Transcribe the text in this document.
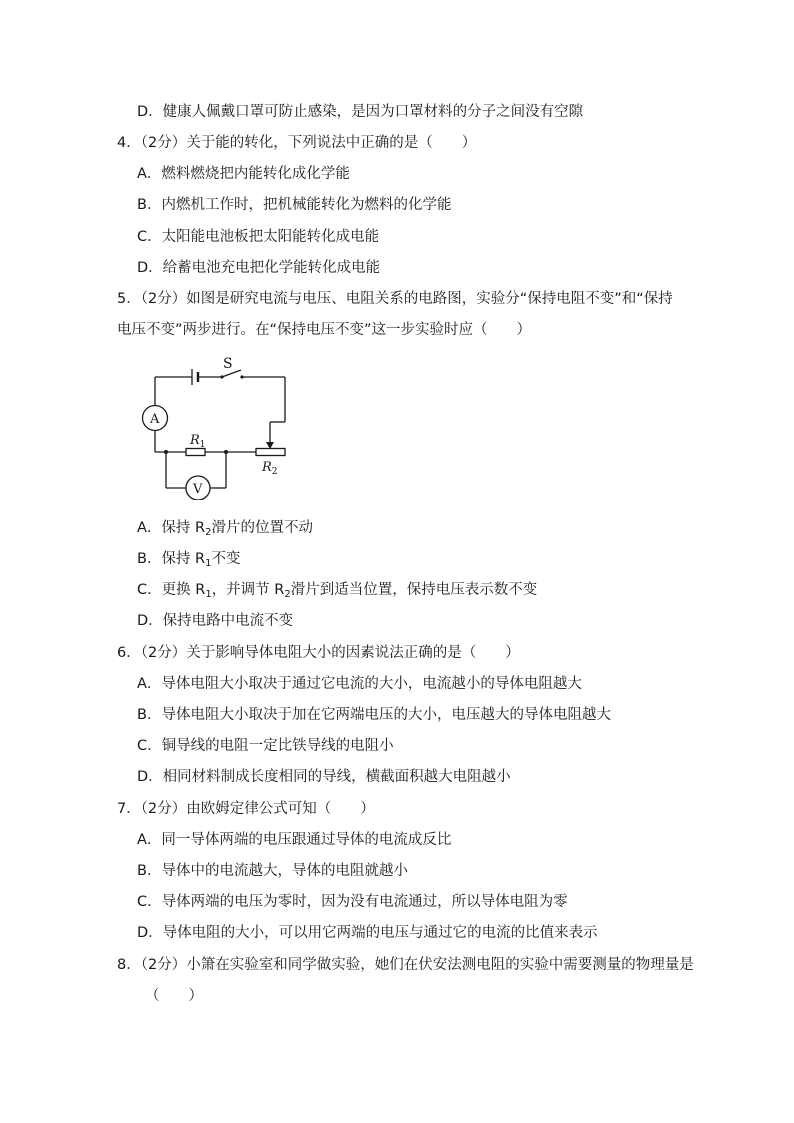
D．健康人佩戴口罩可防止感染，是因为口罩材料的分子之间没有空隙
4．（2分）关于能的转化，下列说法中正确的是（　　）
A．燃料燃烧把内能转化成化学能
B．内燃机工作时，把机械能转化为燃料的化学能
C．太阳能电池板把太阳能转化成电能
D．给蓄电池充电把化学能转化成电能
5．（2分）如图是研究电流与电压、电阻关系的电路图，实验分“保持电阻不变”和“保持
电压不变”两步进行。在“保持电压不变”这一步实验时应（　　）
S
A
V
$R_1$
$R_2$
A．保持 $R_2$滑片的位置不动
B．保持 $R_1$不变
C．更换 $R_1$，并调节 $R_2$滑片到适当位置，保持电压表示数不变
D．保持电路中电流不变
6．（2分）关于影响导体电阻大小的因素说法正确的是（　　）
A．导体电阻大小取决于通过它电流的大小，电流越小的导体电阻越大
B．导体电阻大小取决于加在它两端电压的大小，电压越大的导体电阻越大
C．铜导线的电阻一定比铁导线的电阻小
D．相同材料制成长度相同的导线，横截面积越大电阻越小
7．（2分）由欧姆定律公式可知（　　）
A．同一导体两端的电压跟通过导体的电流成反比
B．导体中的电流越大，导体的电阻就越小
C．导体两端的电压为零时，因为没有电流通过，所以导体电阻为零
D．导体电阻的大小，可以用它两端的电压与通过它的电流的比值来表示
8．（2分）小箫在实验室和同学做实验，她们在伏安法测电阻的实验中需要测量的物理量是
（　　）
